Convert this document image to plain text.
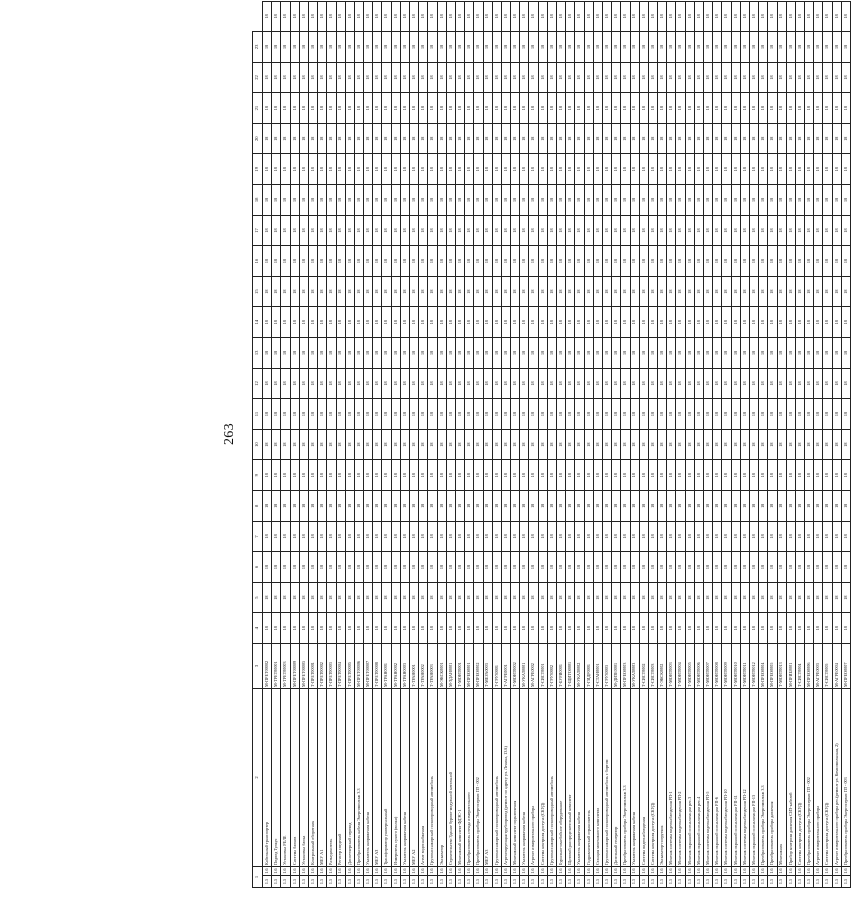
263
1		2	3	4	5	6	7	8	9	10	11	12	13	14	15	16	17	18	19	20	21	22	23	
1.5	1.6	Кабельный транспортер	М-ПРЕТ00002	18	18	18	18	18	18	18	18	18	18	18	18	18	18	18	18	18	18	18	18	18
1.5	1.6	Подвод Тулкус	М-ТРЕТ00001	18	18	18	18	18	18	18	18	18	18	18	18	18	18	18	18	18	18	18	18	18
1.5	1.6	Установка РЕЛЕ	М-ТРЕТ00003	18	18	18	18	18	18	18	18	18	18	18	18	18	18	18	18	18	18	18	18	18
1.5	1.6	Система блоков	М-ПРЕТ00009	18	18	18	18	18	18	18	18	18	18	18	18	18	18	18	18	18	18	18	18	18
1.5	1.6	Установка блока	М-ПРЕТ00005	18	18	18	18	18	18	18	18	18	18	18	18	18	18	18	18	18	18	18	18	18
1.5	1.6	Контрольный оборотник	Т-ПРЕТ00001	18	18	18	18	18	18	18	18	18	18	18	18	18	18	18	18	18	18	18	18	18
1.5	1.6	МЕУ А1	Т-ПРЕТ00002	18	18	18	18	18	18	18	18	18	18	18	18	18	18	18	18	18	18	18	18	18
1.5	1.6	Разъединитель	Т-ПРЕТ00003	18	18	18	18	18	18	18	18	18	18	18	18	18	18	18	18	18	18	18	18	18
1.5	1.6	Регистр сведений	Т-ПРЕТ00004	18	18	18	18	18	18	18	18	18	18	18	18	18	18	18	18	18	18	18	18	18
1.5	1.6	Диспетчерский переход	Т-ПРЕТ00005	18	18	18	18	18	18	18	18	18	18	18	18	18	18	18	18	18	18	18	18	18
1.5	1.6	Преобразователь кабеля Энергомонтаж 3.3	М-ПРЕТ00006	18	18	18	18	18	18	18	18	18	18	18	18	18	18	18	18	18	18	18	18	18
1.5	1.6	Указатель напряжения кабеля	М-ПРЕТ00007	18	18	18	18	18	18	18	18	18	18	18	18	18	18	18	18	18	18	18	18	18
1.5	1.6	МЕУ АЗ	Т-ПРЕТ00008	18	18	18	18	18	18	18	18	18	18	18	18	18	18	18	18	18	18	18	18	18
1.5	1.6	Трансформатор универсальный	М-ТРАН0001	18	18	18	18	18	18	18	18	18	18	18	18	18	18	18	18	18	18	18	18	18
1.5	1.6	Измеритель сухого (вилки)	М-ТРАН0002	18	18	18	18	18	18	18	18	18	18	18	18	18	18	18	18	18	18	18	18	18
1.5	1.6	Указатель напряжения кабеля	М-ТРАН0003	18	18	18	18	18	18	18	18	18	18	18	18	18	18	18	18	18	18	18	18	18
1.5	1.6	МЕУ А2	Т-ТРАН0001	18	18	18	18	18	18	18	18	18	18	18	18	18	18	18	18	18	18	18	18	18
1.5	1.6	Агент водоснабжения	Т-ТРАН0002	18	18	18	18	18	18	18	18	18	18	18	18	18	18	18	18	18	18	18	18	18
1.5	1.6	Грузопассажирский полноприводный автомобиль	Т-ТРАН0003	18	18	18	18	18	18	18	18	18	18	18	18	18	18	18	18	18	18	18	18	18
1.5	1.6	Экскаватор	М-ЭКСК0001	18	18	18	18	18	18	18	18	18	18	18	18	18	18	18	18	18	18	18	18	18
1.5	1.6	Строительство Здание бурово-модульной котельной	М-ЗДАН0001	18	18	18	18	18	18	18	18	18	18	18	18	18	18	18	18	18	18	18	18	18
1.5	1.6	Монтажный комплект ФДЭС-1	Т-МОНТ0001	18	18	18	18	18	18	18	18	18	18	18	18	18	18	18	18	18	18	18	18	18
1.5	1.6	Преобразователь стенда измерительного	М-ПРЕО0001	18	18	18	18	18	18	18	18	18	18	18	18	18	18	18	18	18	18	18	18	18
1.5	1.6	Преобразователь прибора Энергосервис ПЗ - 002	М-ПРЕО0002	18	18	18	18	18	18	18	18	18	18	18	18	18	18	18	18	18	18	18	18	18
1.5	1.6	МЕУ А3	Т-МЕУА0003	18	18	18	18	18	18	18	18	18	18	18	18	18	18	18	18	18	18	18	18	18
1.5	1.6	Грузопассажирский полноприводный автомобиль	Т-ГРУЗ0001	18	18	18	18	18	18	18	18	18	18	18	18	18	18	18	18	18	18	18	18	18
1.5	1.6	Агрегатирующая трубопровод (ремонт по адресу ул. Ленина, 13А)	Т-АГРЕ0001	18	18	18	18	18	18	18	18	18	18	18	18	18	18	18	18	18	18	18	18	18
1.5	1.6	Монтажный комплект подключения	Т-МОНТ0002	18	18	18	18	18	18	18	18	18	18	18	18	18	18	18	18	18	18	18	18	18
1.5	1.6	Указатель напряжения кабеля	М-УКАЗ0001	18	18	18	18	18	18	18	18	18	18	18	18	18	18	18	18	18	18	18	18	18
1.5	1.6	Агрегат измерительного прибора	М-АГРЕ0002	18	18	18	18	18	18	18	18	18	18	18	18	18	18	18	18	18	18	18	18	18
1.5	1.6	Система контроля доступа (СКУД)	Т-СИСТ0001	18	18	18	18	18	18	18	18	18	18	18	18	18	18	18	18	18	18	18	18	18
1.5	1.6	Грузопассажирский полноприводный автомобиль	Т-ГРУЗ0002	18	18	18	18	18	18	18	18	18	18	18	18	18	18	18	18	18	18	18	18	18
1.5	1.6	Бурильно-сваебойное оборудование	Т-БУРИ0001	18	18	18	18	18	18	18	18	18	18	18	18	18	18	18	18	18	18	18	18	18
1.5	1.6	Щитовой распределительный комплект	Т-ЩИТО0001	18	18	18	18	18	18	18	18	18	18	18	18	18	18	18	18	18	18	18	18	18
1.5	1.6	Указатель напряжения кабеля	М-УКАЗ0002	18	18	18	18	18	18	18	18	18	18	18	18	18	18	18	18	18	18	18	18	18
1.5	1.6	Гидравлический ограничитель	Т-ГИДР0001	18	18	18	18	18	18	18	18	18	18	18	18	18	18	18	18	18	18	18	18	18
1.5	1.6	Станция монтажного комплекта	Т-СТАН0001	18	18	18	18	18	18	18	18	18	18	18	18	18	18	18	18	18	18	18	18	18
1.5	1.6	Грузопассажирский полноприводный автомобиль с бортом	Т-ГРУЗ0003	18	18	18	18	18	18	18	18	18	18	18	18	18	18	18	18	18	18	18	18	18
1.5	1.6	Дизельный генератор	М-ДИЗЕ0001	18	18	18	18	18	18	18	18	18	18	18	18	18	18	18	18	18	18	18	18	18
1.5	1.6	Преобразователь прибора Энергомонтаж 3.3	М-ПРЕО0003	18	18	18	18	18	18	18	18	18	18	18	18	18	18	18	18	18	18	18	18	18
1.5	1.6	Указатель напряжения кабеля	М-УКАЗ0003	18	18	18	18	18	18	18	18	18	18	18	18	18	18	18	18	18	18	18	18	18
1.5	1.6	Система видеонаблюдения	Т-СИСТ0002	18	18	18	18	18	18	18	18	18	18	18	18	18	18	18	18	18	18	18	18	18
1.5	1.6	Система контроля доступа (СКУД)	Т-СИСТ0003	18	18	18	18	18	18	18	18	18	18	18	18	18	18	18	18	18	18	18	18	18
1.5	1.6	Экскаватор-погрузчик	Т-ЭКСК0002	18	18	18	18	18	18	18	18	18	18	18	18	18	18	18	18	18	18	18	18	18
1.5	1.6	Монтаж системы видеонаблюдения РП-1	Т-МОНТ0003	18	18	18	18	18	18	18	18	18	18	18	18	18	18	18	18	18	18	18	18	18
1.5	1.6	Монтаж системы видеонаблюдения РП-2	Т-МОНТ0004	18	18	18	18	18	18	18	18	18	18	18	18	18	18	18	18	18	18	18	18	18
1.5	1.6	Монтаж охранной сигнализации рес.3	Т-МОНТ0005	18	18	18	18	18	18	18	18	18	18	18	18	18	18	18	18	18	18	18	18	18
1.5	1.6	Монтаж охранной сигнализации рес.4	Т-МОНТ0006	18	18	18	18	18	18	18	18	18	18	18	18	18	18	18	18	18	18	18	18	18
1.5	1.6	Монтаж системы видеонаблюдения РП-5	Т-МОНТ0007	18	18	18	18	18	18	18	18	18	18	18	18	18	18	18	18	18	18	18	18	18
1.5	1.6	Монтаж охранной сигнализации РП-6	Т-МОНТ0008	18	18	18	18	18	18	18	18	18	18	18	18	18	18	18	18	18	18	18	18	18
1.5	1.6	Монтаж системы видеонаблюдения РП-10	Т-МОНТ0009	18	18	18	18	18	18	18	18	18	18	18	18	18	18	18	18	18	18	18	18	18
1.5	1.6	Монтаж охранной сигнализации РП-11	Т-МОНТ0010	18	18	18	18	18	18	18	18	18	18	18	18	18	18	18	18	18	18	18	18	18
1.5	1.6	Монтаж системы видеонаблюдения РП-12	Т-МОНТ0011	18	18	18	18	18	18	18	18	18	18	18	18	18	18	18	18	18	18	18	18	18
1.5	1.6	Монтаж охранной сигнализации РП-13	Т-МОНТ0012	18	18	18	18	18	18	18	18	18	18	18	18	18	18	18	18	18	18	18	18	18
1.5	1.6	Преобразователь прибора Энергомонтаж 3.3	М-ПРЕО0004	18	18	18	18	18	18	18	18	18	18	18	18	18	18	18	18	18	18	18	18	18
1.5	1.6	Преобразователь прибора давления	М-ПРЕО0005	18	18	18	18	18	18	18	18	18	18	18	18	18	18	18	18	18	18	18	18	18
1.5	1.6	Монтажник	Т-МОНТ0013	18	18	18	18	18	18	18	18	18	18	18	18	18	18	18	18	18	18	18	18	18
1.5	1.6	Прибор контроля давления СИЗ-кабелей	М-ПРИБ0001	18	18	18	18	18	18	18	18	18	18	18	18	18	18	18	18	18	18	18	18	18
1.5	1.6	Система контроля доступа (СКУД)	Т-СИСТ0004	18	18	18	18	18	18	18	18	18	18	18	18	18	18	18	18	18	18	18	18	18
1.5	1.6	Преобразователь прибора Энергосервис ПЗ - 002	М-ПРЕО0006	18	18	18	18	18	18	18	18	18	18	18	18	18	18	18	18	18	18	18	18	18
1.5	1.6	Агрегат измерительного прибора	М-АГРЕ0003	18	18	18	18	18	18	18	18	18	18	18	18	18	18	18	18	18	18	18	18	18
1.5	1.6	Система контроля доступа (СКУД)	Т-СИСТ0005	18	18	18	18	18	18	18	18	18	18	18	18	18	18	18	18	18	18	18	18	18
1.5	1.6	Агрегат измерительного прибора рес.(ремонт ул. Комсомольская, 2)	М-АГРЕ0004	18	18	18	18	18	18	18	18	18	18	18	18	18	18	18	18	18	18	18	18	18
1.5	1.6	Преобразователь прибора Энергосервис ПЗ - 003	М-ПРЕО0007	18	18	18	18	18	18	18	18	18	18	18	18	18	18	18	18	18	18	18	18	18
